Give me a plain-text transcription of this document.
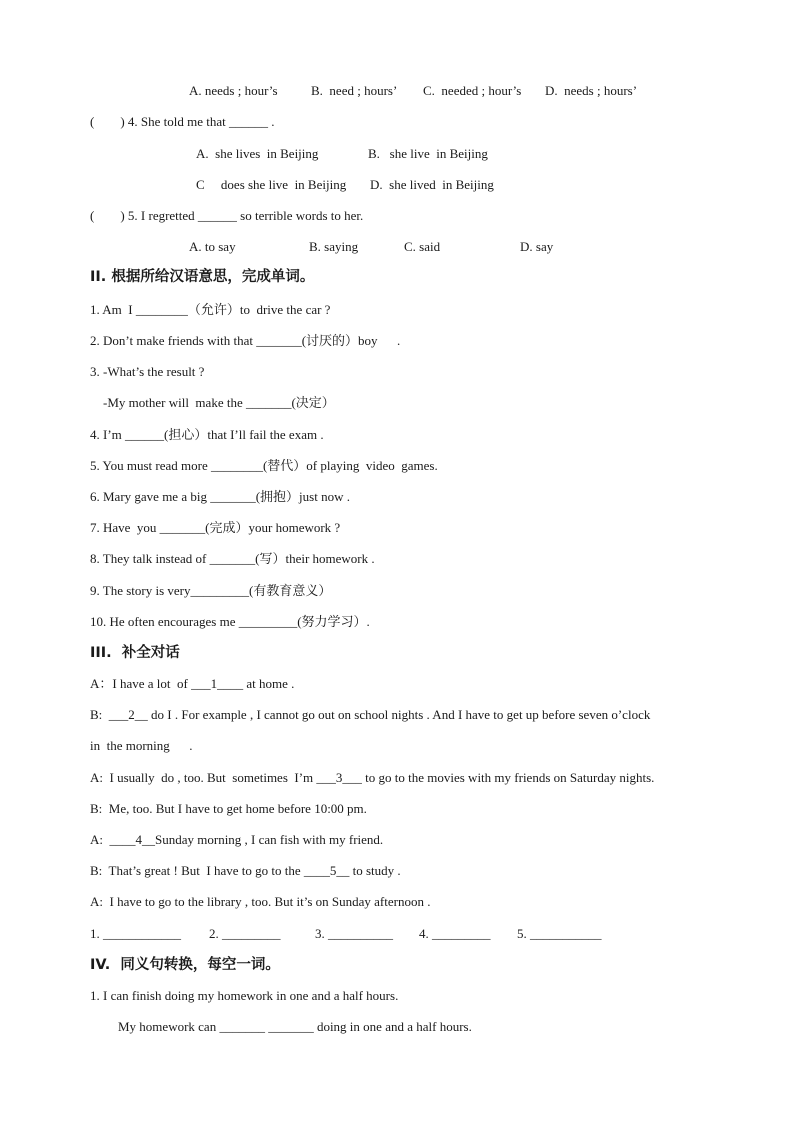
A. needs ; hour’s	B.  need ; hours’ C.  needed ; hour’s D.  needs ; hours’
(        ) 4. She told me that ______ .
A.  she lives  in Beijing	B.   she live  in Beijing
C     does she live  in Beijing D.  she lived  in Beijing
(        ) 5. I regretted ______ so terrible words to her.
A. to say	B. saying	C. said	D. say
II. 根据所给汉语意思，完成单词。
1. Am  I ________（允许）to  drive the car ?
2. Don’t make friends with that _______(讨厌的）boy      .
3. -What’s the result ?
-My mother will  make the _______(决定）
4. I’m ______(担心）that I’ll fail the exam .
5. You must read more ________(替代）of playing  video  games.
6. Mary gave me a big _______(拥抱）just now .
7. Have  you _______(完成）your homework ?
8. They talk instead of _______(写）their homework .
9. The story is very_________(有教育意义）
10. He often encourages me _________(努力学习）.
III.  补全对话
A：I have a lot  of ___1____ at home .
B:  ___2__ do I . For example , I cannot go out on school nights . And I have to get up before seven o’clock
in  the morning      .
A:  I usually  do , too. But  sometimes  I’m ___3___ to go to the movies with my friends on Saturday nights.
B:  Me, too. But I have to get home before 10:00 pm.
A:  ____4__Sunday morning , I can fish with my friend.
B:  That’s great ! But  I have to go to the ____5__ to study .
A:  I have to go to the library , too. But it’s on Sunday afternoon .
1. ____________ 2. _________	3. __________ 4. _________ 5. ___________
IV.  同义句转换，每空一词。
1. I can finish doing my homework in one and a half hours.
My homework can _______ _______ doing in one and a half hours.
